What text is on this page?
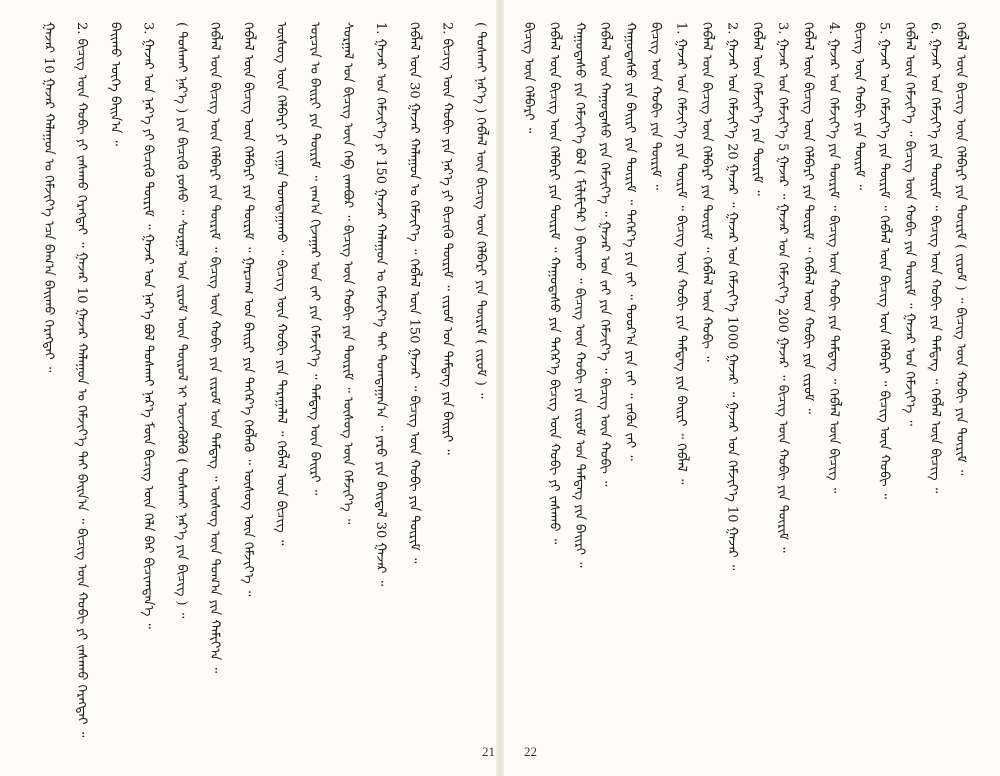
ᠭᠠᠵᠠᠷ 10 ᠭᠠᠵᠠᠷ ᠬᠠᠯᠠᠭᠤᠨ ᠤ ᠬᠡᠮᠵᠢᠶ᠎ᠡ ᠡᠴᠡ ᠪᠠᠭ᠎ᠠ ᠪᠠᠢᠬᠤ ᠬᠡᠷᠡᠭᠲᠡᠢ ᠃ 2. ᠪᠢᠴᠢᠭ ᠦᠨ ᠬᠤᠪᠢ ᠶᠢ ᠵᠠᠰᠠᠬᠤ ᠬᠡᠷᠡᠭᠲᠡᠢ ᠃ ᠭᠠᠵᠠᠷ 10 ᠭᠠᠵᠠᠷ ᠬᠠᠯᠠᠭᠤᠨ ᠤ ᠬᠡᠮᠵᠢᠶ᠎ᠡ ᠲᠠᠢ ᠪᠠᠢᠨ᠎ᠠ ᠃ ᠪᠢᠴᠢᠭ ᠦᠨ ᠬᠤᠪᠢ ᠶᠢ ᠵᠠᠰᠠᠬᠤ ᠬᠡᠷᠡᠭᠲᠡᠢ ᠃ ᠪᠠᠢᠬᠤ ᠦᠭᠡ ᠪᠠᠢᠨ᠎ᠠ ᠃ 3. ᠭᠠᠵᠠᠷ ᠤᠨ ᠨᠡᠷ᠎ᠡ ᠶᠢ ᠪᠢᠴᠢᠬᠦ ᠳᠦᠷᠢᠮ ᠃ ᠭᠠᠵᠠᠷ ᠤᠨ ᠨᠡᠷ᠎ᠡ ᠪᠤᠯ ᠲᠤᠰᠬᠠᠢ ᠨᠡᠷ᠎ᠡ ᠮᠥᠨ ᠪᠢᠴᠢᠭ ᠦᠨ ᠬᠡᠯᠡ ᠪᠡᠷ ᠪᠢᠴᠢᠭ᠍ᠳᠡᠨ᠎ᠡ ᠃ ( ᠲᠤᠰᠬᠠᠢ ᠨᠡᠷ᠎ᠡ ) ᠶᠢᠨ ᠪᠢᠴᠢᠬᠦ ᠶᠣᠰᠣ ᠃ ᠰᠤᠷᠭᠠᠯ ᠤᠨ ᠵᠢᠷᠤᠮ ᠦᠨ ᠲᠥᠷᠥᠯ ᠢ ᠦᠵᠡᠭᠦᠯᠬᠦ ( ᠲᠤᠰᠬᠠᠢ ᠨᠡᠷ᠎ᠡ ᠶᠢᠨ ᠪᠢᠴᠢᠭ ) ᠃ ᠬᠡᠪᠯᠡᠯ ᠦᠨ ᠪᠢᠴᠢᠭ ᠦᠨ ᠬᠡᠯᠪᠡᠷᠢ ᠶᠢᠨ ᠳᠦᠷᠢᠮ ᠃ ᠪᠢᠴᠢᠭ᠌ ᠦᠨ ᠬᠤᠪᠢ ᠶᠢᠨ ᠵᠢᠷᠤᠮ ᠤᠨ ᠲᠡᠮᠳᠡᠭ ᠃ ᠦᠰᠦᠭ ᠦᠨ ᠲᠣᠭ᠎ᠠ ᠶᠢᠨ ᠬᠠᠮᠢᠶ᠎ᠠ ᠃ ᠬᠡᠪᠯᠡᠯ ᠦᠨ ᠪᠢᠴᠢᠭ ᠦᠨ ᠬᠡᠯᠪᠡᠷᠢ ᠶᠢᠨ ᠳᠦᠷᠢᠮ ᠃ ᠭᠠᠷᠴᠠᠭ ᠤᠨ ᠪᠠᠢᠷᠢ ᠶᠢᠨ ᠳᠡᠭᠡᠷ᠎ᠡ ᠬᠡᠪᠯᠡᠬᠦ ᠃ ᠦᠰᠦᠭ ᠦᠨ ᠬᠡᠮᠵᠢᠶ᠎ᠡ ᠃ ᠦᠰᠦᠭ ᠦᠨ ᠬᠡᠯᠪᠡᠷᠢ ᠶᠢ ᠵᠢᠭᠠᠨ ᠲᠣᠭᠲᠠᠭᠠᠬᠤ ᠃ ᠪᠢᠴᠢᠭ ᠦᠨ ᠬᠤᠪᠢ ᠶᠢᠨ ᠳᠠᠷᠠᠭᠠᠯᠠᠯ ᠃ ᠬᠡᠪᠯᠡᠯ ᠦᠨ ᠪᠢᠴᠢᠭ ᠃ ᠣᠷᠴᠢᠨ ᠤ ᠪᠠᠢᠷᠢ ᠶᠢᠨ ᠳᠦᠷᠢᠮ ᠃ ᠵᠠᠬ᠎ᠠ ᠬᠢᠵᠠᠭᠠᠷ ᠤᠨ ᠵᠠᠢ ᠶᠢᠨ ᠬᠡᠮᠵᠢᠶ᠎ᠡ ᠃ ᠲᠡᠮᠳᠡᠭ ᠦᠨ ᠪᠠᠢᠷᠢ ᠃ ᠰᠤᠷᠭᠠᠯ ᠤᠨ ᠪᠢᠴᠢᠭ ᠦᠨ ᠬᠡᠪ ᠵᠠᠭᠪᠤᠷ ᠃ ᠪᠢᠴᠢᠭ ᠦᠨ ᠬᠤᠪᠢ ᠶᠢᠨ ᠳᠦᠷᠢᠮ ᠃ ᠦᠰᠦᠭ ᠦᠨ ᠬᠡᠮᠵᠢᠶ᠎ᠡ ᠃ 1. ᠭᠠᠵᠠᠷ ᠤᠨ ᠬᠡᠮᠵᠢᠶ᠎ᠡ ᠶᠢ 150 ᠭᠠᠵᠠᠷ ᠬᠠᠯᠠᠭᠤᠨ ᠤ ᠬᠡᠮᠵᠢᠶ᠎ᠡ ᠲᠠᠢ ᠲᠣᠭᠲᠠᠭᠠᠨ᠎ᠠ ᠃ ᠶᠡᠷᠦ ᠶᠢᠨ ᠪᠠᠢᠳᠠᠯ 30 ᠭᠠᠵᠠᠷ ᠃ ᠬᠡᠪᠯᠡᠯ ᠦᠨ 30 ᠭᠠᠵᠠᠷ ᠬᠠᠯᠠᠭᠤᠨ ᠤ ᠬᠡᠮᠵᠢᠶ᠎ᠡ ᠃ ᠬᠡᠪᠯᠡᠯ ᠦᠨ 150 ᠭᠠᠵᠠᠷ ᠃ ᠪᠢᠴᠢᠭ ᠦᠨ ᠬᠤᠪᠢ ᠶᠢᠨ ᠳᠦᠷᠢᠮ ᠃ 2. ᠪᠢᠴᠢᠭ ᠦᠨ ᠬᠤᠪᠢ ᠶᠢᠨ ᠨᠡᠷ᠎ᠡ ᠶᠢ ᠪᠢᠴᠢᠬᠦ ᠳᠦᠷᠢᠮ ᠃ ᠵᠢᠷᠤᠮ ᠤᠨ ᠲᠡᠮᠳᠡᠭ ᠶᠢᠨ ᠪᠠᠢᠷᠢ ᠃ ( ᠲᠤᠰᠬᠠᠢ ᠨᠡᠷ᠎ᠡ ) ᠬᠡᠪᠯᠡᠯ ᠦᠨ ᠪᠢᠴᠢᠭ ᠦᠨ ᠬᠡᠯᠪᠡᠷᠢ ᠶᠢᠨ ᠳᠦᠷᠢᠮ ( ᠵᠢᠷᠤᠮ ) ᠃	ᠪᠢᠴᠢᠭ ᠦᠨ ᠬᠡᠯᠪᠡᠷᠢ ᠃ ᠬᠡᠪᠯᠡᠯ ᠦᠨ ᠪᠢᠴᠢᠭ ᠦᠨ ᠬᠡᠯᠪᠡᠷᠢ ᠶᠢᠨ ᠳᠦᠷᠢᠮ ᠃ ᠬᠠᠭᠤᠳᠠᠰᠤ ᠶᠢᠨ ᠳᠡᠭᠡᠷ᠎ᠡ ᠪᠢᠴᠢᠭ ᠦᠨ ᠬᠤᠪᠢ ᠶᠢ ᠵᠠᠰᠠᠬᠤ ᠃ ᠬᠠᠭᠤᠳᠠᠰᠤ ᠶᠢᠨ ᠬᠡᠮᠵᠢᠶ᠎ᠡ ᠪᠤᠯ ( ᠮᠢᠯᠢᠮᠧᠲ᠋ᠷ ) ᠪᠠᠢᠬᠤ ᠃ ᠪᠢᠴᠢᠭ ᠦᠨ ᠬᠤᠪᠢ ᠶᠢᠨ ᠵᠢᠷᠤᠮ ᠤᠨ ᠲᠡᠮᠳᠡᠭ ᠶᠢᠨ ᠪᠠᠢᠷᠢ ᠃ ᠬᠡᠪᠯᠡᠯ ᠦᠨ ᠬᠠᠭᠤᠳᠠᠰᠤ ᠶᠢᠨ ᠬᠡᠮᠵᠢᠶ᠎ᠡ ᠃ ᠭᠠᠵᠠᠷ ᠤᠨ ᠵᠠᠢ ᠶᠢᠨ ᠬᠡᠮᠵᠢᠶ᠎ᠡ ᠃ ᠪᠢᠴᠢᠭ ᠦᠨ ᠬᠤᠪᠢ ᠃ ᠬᠠᠭᠤᠳᠠᠰᠤ ᠶᠢᠨ ᠪᠠᠢᠷᠢ ᠶᠢᠨ ᠳᠦᠷᠢᠮ ᠃ ᠳᠡᠭᠡᠷ᠎ᠡ ᠶᠢᠨ ᠵᠠᠢ ᠃ ᠳᠣᠣᠷ᠎ᠠ ᠶᠢᠨ ᠵᠠᠢ ᠃ ᠵᠡᠭᠦᠨ ᠵᠠᠢ ᠃ ᠪᠢᠴᠢᠭ ᠦᠨ ᠬᠤᠪᠢ ᠶᠢᠨ ᠳᠦᠷᠢᠮ ᠃ 1. ᠭᠠᠵᠠᠷ ᠤᠨ ᠬᠡᠮᠵᠢᠶ᠎ᠡ ᠶᠢᠨ ᠳᠦᠷᠢᠮ ᠃ ᠪᠢᠴᠢᠭ ᠦᠨ ᠬᠤᠪᠢ ᠶᠢᠨ ᠲᠡᠮᠳᠡᠭ ᠶᠢᠨ ᠪᠠᠢᠷᠢ ᠃ ᠬᠡᠪᠯᠡᠯ ᠃ ᠬᠡᠪᠯᠡᠯ ᠦᠨ ᠪᠢᠴᠢᠭ ᠦᠨ ᠬᠡᠯᠪᠡᠷᠢ ᠶᠢᠨ ᠳᠦᠷᠢᠮ ᠃ ᠬᠡᠪᠯᠡᠯ ᠦᠨ ᠬᠤᠪᠢ ᠃ 2. ᠭᠠᠵᠠᠷ ᠤᠨ ᠬᠡᠮᠵᠢᠶ᠎ᠡ 20 ᠭᠠᠵᠠᠷ ᠃ ᠭᠠᠵᠠᠷ ᠤᠨ ᠬᠡᠮᠵᠢᠶ᠎ᠡ 1000 ᠭᠠᠵᠠᠷ ᠃ ᠭᠠᠵᠠᠷ ᠤᠨ ᠬᠡᠮᠵᠢᠶ᠎ᠡ 10 ᠭᠠᠵᠠᠷ ᠃ ᠬᠡᠪᠯᠡᠯ ᠦᠨ ᠬᠡᠮᠵᠢᠶ᠎ᠡ ᠶᠢᠨ ᠳᠦᠷᠢᠮ ᠃ 3. ᠭᠠᠵᠠᠷ ᠤᠨ ᠬᠡᠮᠵᠢᠶ᠎ᠡ 5 ᠭᠠᠵᠠᠷ ᠃ ᠭᠠᠵᠠᠷ ᠤᠨ ᠬᠡᠮᠵᠢᠶ᠎ᠡ 200 ᠭᠠᠵᠠᠷ ᠃ ᠪᠢᠴᠢᠭ ᠦᠨ ᠬᠤᠪᠢ ᠶᠢᠨ ᠳᠦᠷᠢᠮ ᠃ ᠬᠡᠪᠯᠡᠯ ᠦᠨ ᠪᠢᠴᠢᠭ ᠦᠨ ᠬᠡᠯᠪᠡᠷᠢ ᠶᠢᠨ ᠳᠦᠷᠢᠮ ᠃ ᠬᠡᠪᠯᠡᠯ ᠦᠨ ᠬᠤᠪᠢ ᠶᠢᠨ ᠵᠢᠷᠤᠮ ᠃ 4. ᠭᠠᠵᠠᠷ ᠤᠨ ᠬᠡᠮᠵᠢᠶ᠎ᠡ ᠶᠢᠨ ᠳᠦᠷᠢᠮ ᠃ ᠪᠢᠴᠢᠭ ᠦᠨ ᠬᠤᠪᠢ ᠶᠢᠨ ᠲᠡᠮᠳᠡᠭ ᠃ ᠬᠡᠪᠯᠡᠯ ᠦᠨ ᠪᠢᠴᠢᠭ ᠃ ᠪᠢᠴᠢᠭ ᠦᠨ ᠬᠤᠪᠢ ᠶᠢᠨ ᠳᠦᠷᠢᠮ ᠃ 5. ᠭᠠᠵᠠᠷ ᠤᠨ ᠬᠡᠮᠵᠢᠶ᠎ᠡ ᠶᠢᠨ ᠳᠦᠷᠢᠮ ᠃ ᠬᠡᠪᠯᠡᠯ ᠦᠨ ᠪᠢᠴᠢᠭ ᠦᠨ ᠬᠡᠯᠪᠡᠷᠢ ᠃ ᠪᠢᠴᠢᠭ ᠦᠨ ᠬᠤᠪᠢ ᠃ ᠬᠡᠪᠯᠡᠯ ᠦᠨ ᠬᠡᠮᠵᠢᠶ᠎ᠡ ᠃ ᠪᠢᠴᠢᠭ ᠦᠨ ᠬᠤᠪᠢ ᠶᠢᠨ ᠳᠦᠷᠢᠮ ᠃ ᠭᠠᠵᠠᠷ ᠤᠨ ᠬᠡᠮᠵᠢᠶ᠎ᠡ ᠃ 6. ᠭᠠᠵᠠᠷ ᠤᠨ ᠬᠡᠮᠵᠢᠶ᠎ᠡ ᠶᠢᠨ ᠳᠦᠷᠢᠮ ᠃ ᠪᠢᠴᠢᠭ ᠦᠨ ᠬᠤᠪᠢ ᠶᠢᠨ ᠲᠡᠮᠳᠡᠭ ᠃ ᠬᠡᠪᠯᠡᠯ ᠦᠨ ᠪᠢᠴᠢᠭ ᠃ ᠬᠡᠪᠯᠡᠯ ᠦᠨ ᠪᠢᠴᠢᠭ ᠦᠨ ᠬᠡᠯᠪᠡᠷᠢ ᠶᠢᠨ ᠳᠦᠷᠢᠮ ( ᠵᠢᠷᠤᠮ ) ᠃ ᠪᠢᠴᠢᠭ ᠦᠨ ᠬᠤᠪᠢ ᠶᠢᠨ ᠳᠦᠷᠢᠮ ᠃
21 22
